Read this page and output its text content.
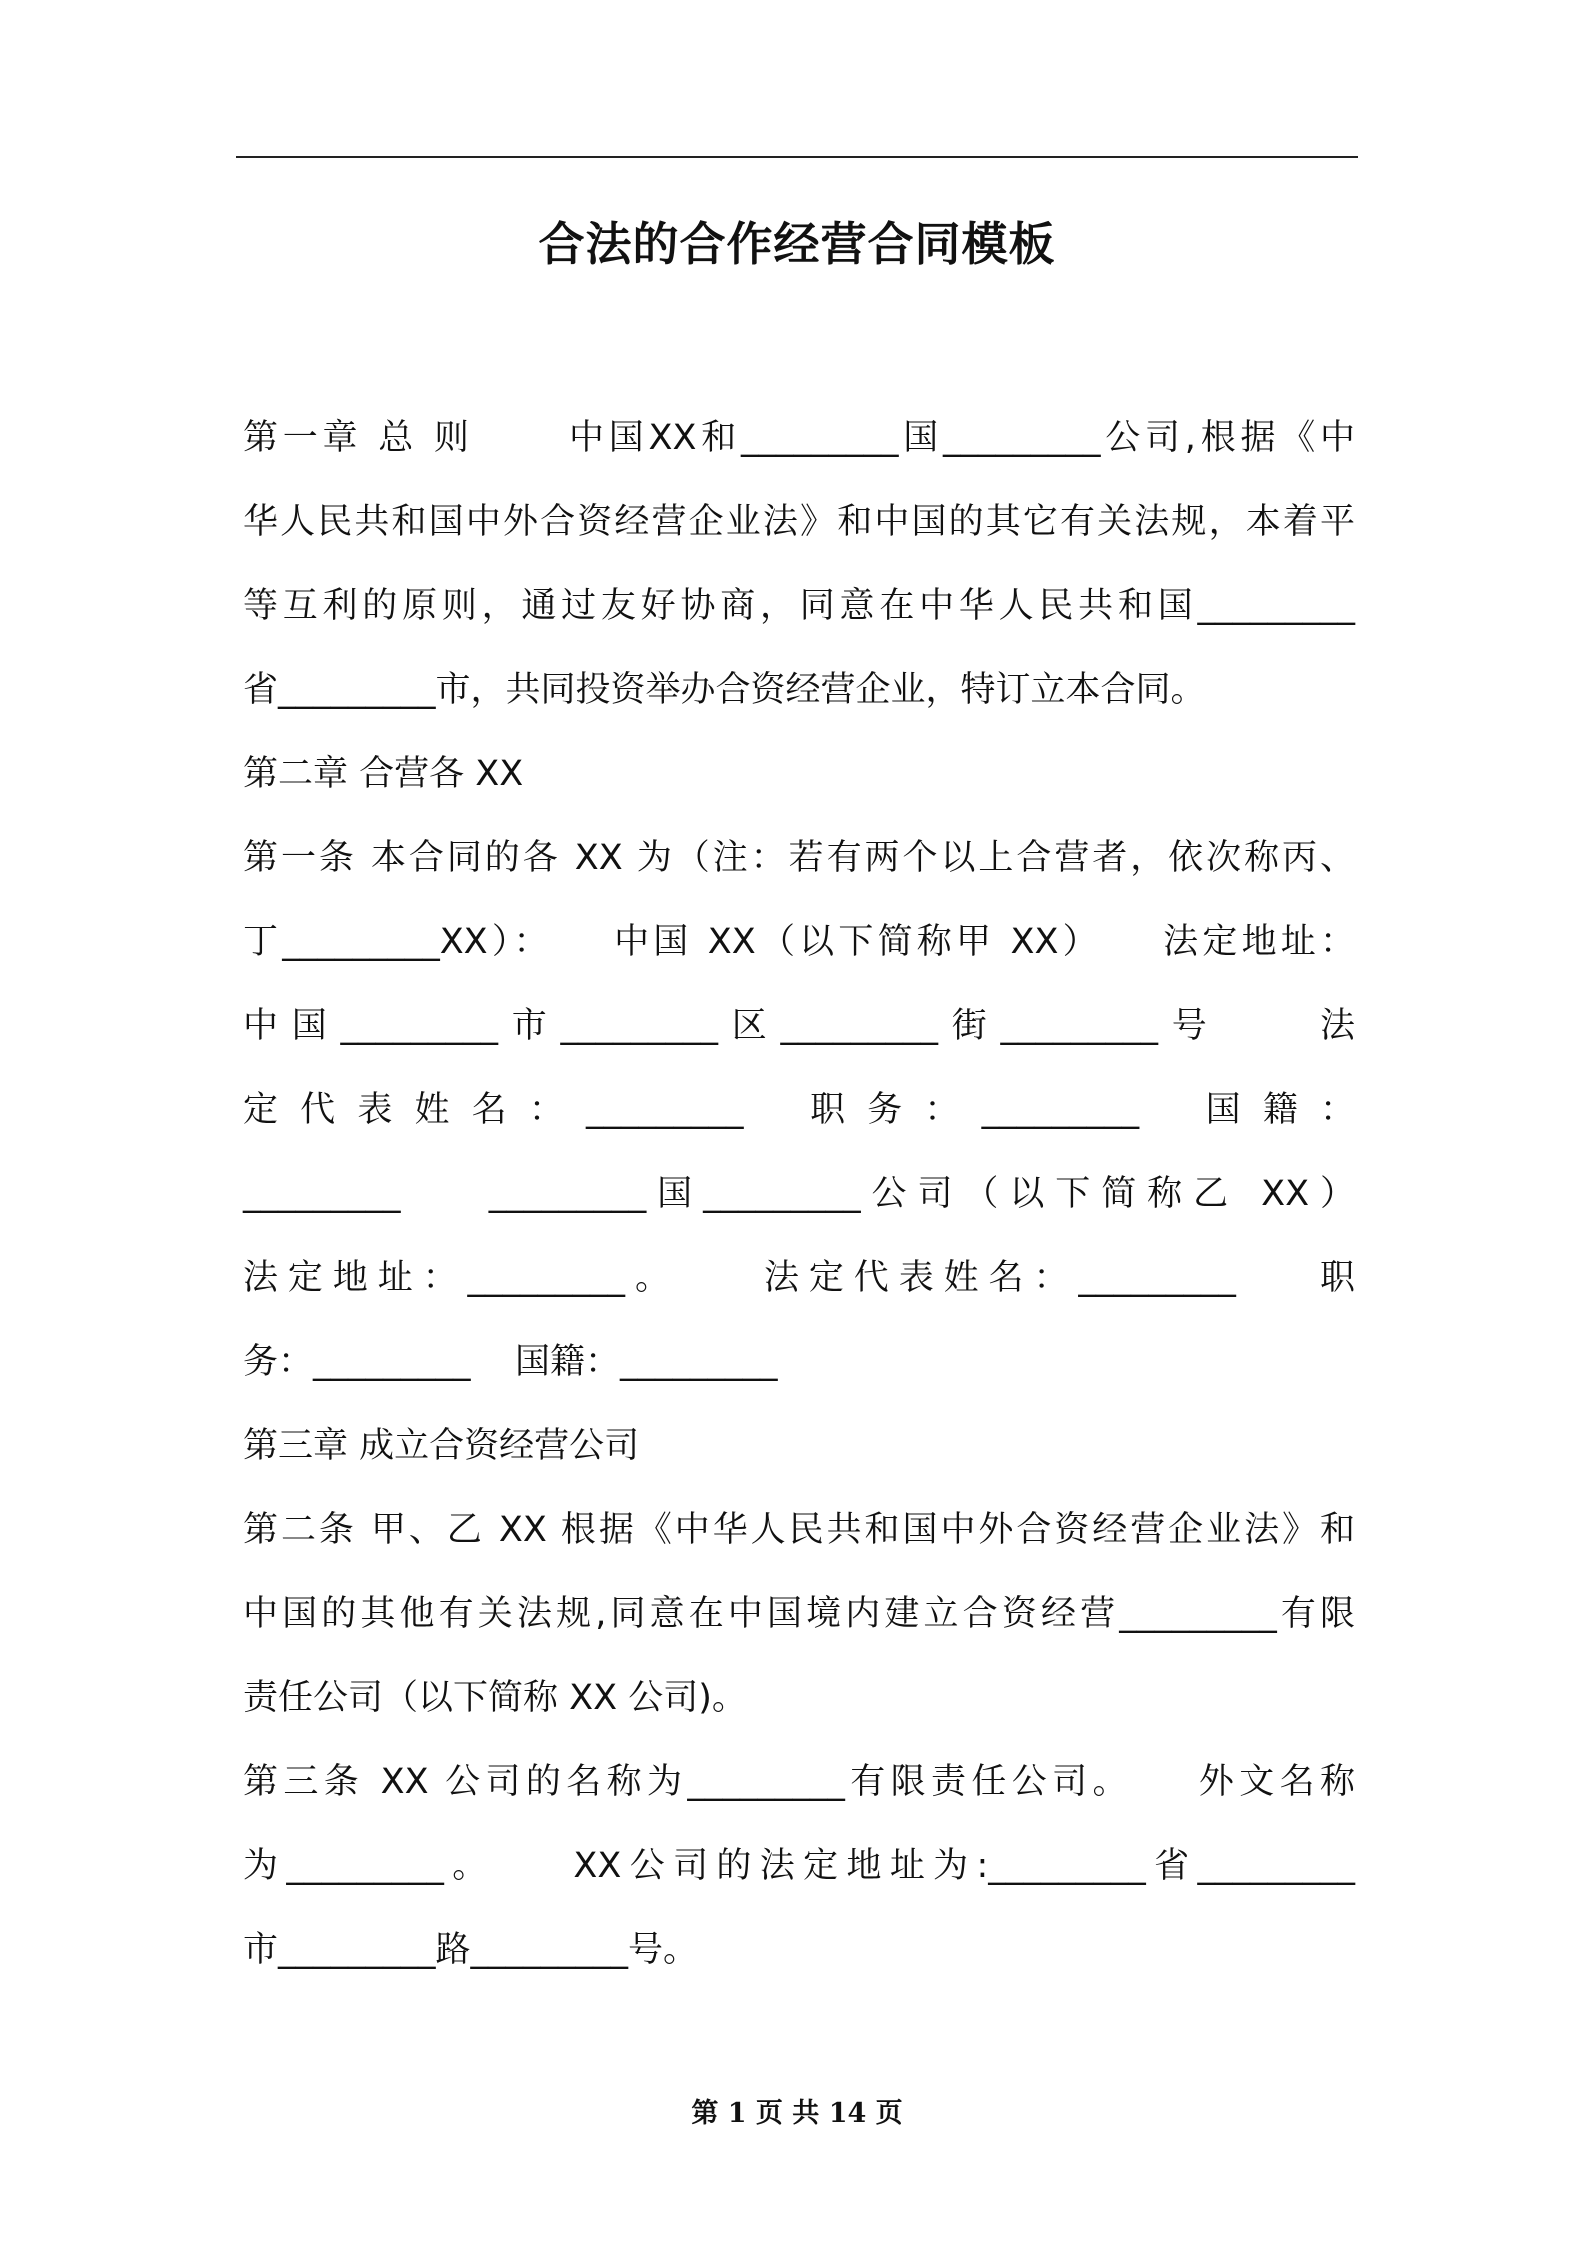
合法的合作经营合同模板
第一章 总 则      中国XX和_________国_________公司,根据《中
华人民共和国中外合资经营企业法》和中国的其它有关法规，本着平
等互利的原则，通过友好协商，同意在中华人民共和国_________
省_________市，共同投资举办合资经营企业，特订立本合同。
第二章 合营各 XX
第一条 本合同的各 XX 为（注：若有两个以上合营者，依次称丙、
丁_________XX）：    中国 XX（以下简称甲 XX）    法定地址：
中国_________市_________区_________街_________号    法
定 代 表 姓 名 ： _________    职 务 ： _________    国 籍 ：
_________    _________国_________公司（以下简称乙 XX）
法定地址：_________。    法定代表姓名：_________    职
务：_________    国籍：_________
第三章 成立合资经营公司
第二条 甲、乙 XX 根据《中华人民共和国中外合资经营企业法》和
中国的其他有关法规,同意在中国境内建立合资经营_________有限
责任公司（以下简称 XX 公司)。
第三条 XX 公司的名称为_________有限责任公司。    外文名称
为_________。    XX公司的法定地址为:_________省_________
市_________路_________号。
第 1 页 共 14 页
